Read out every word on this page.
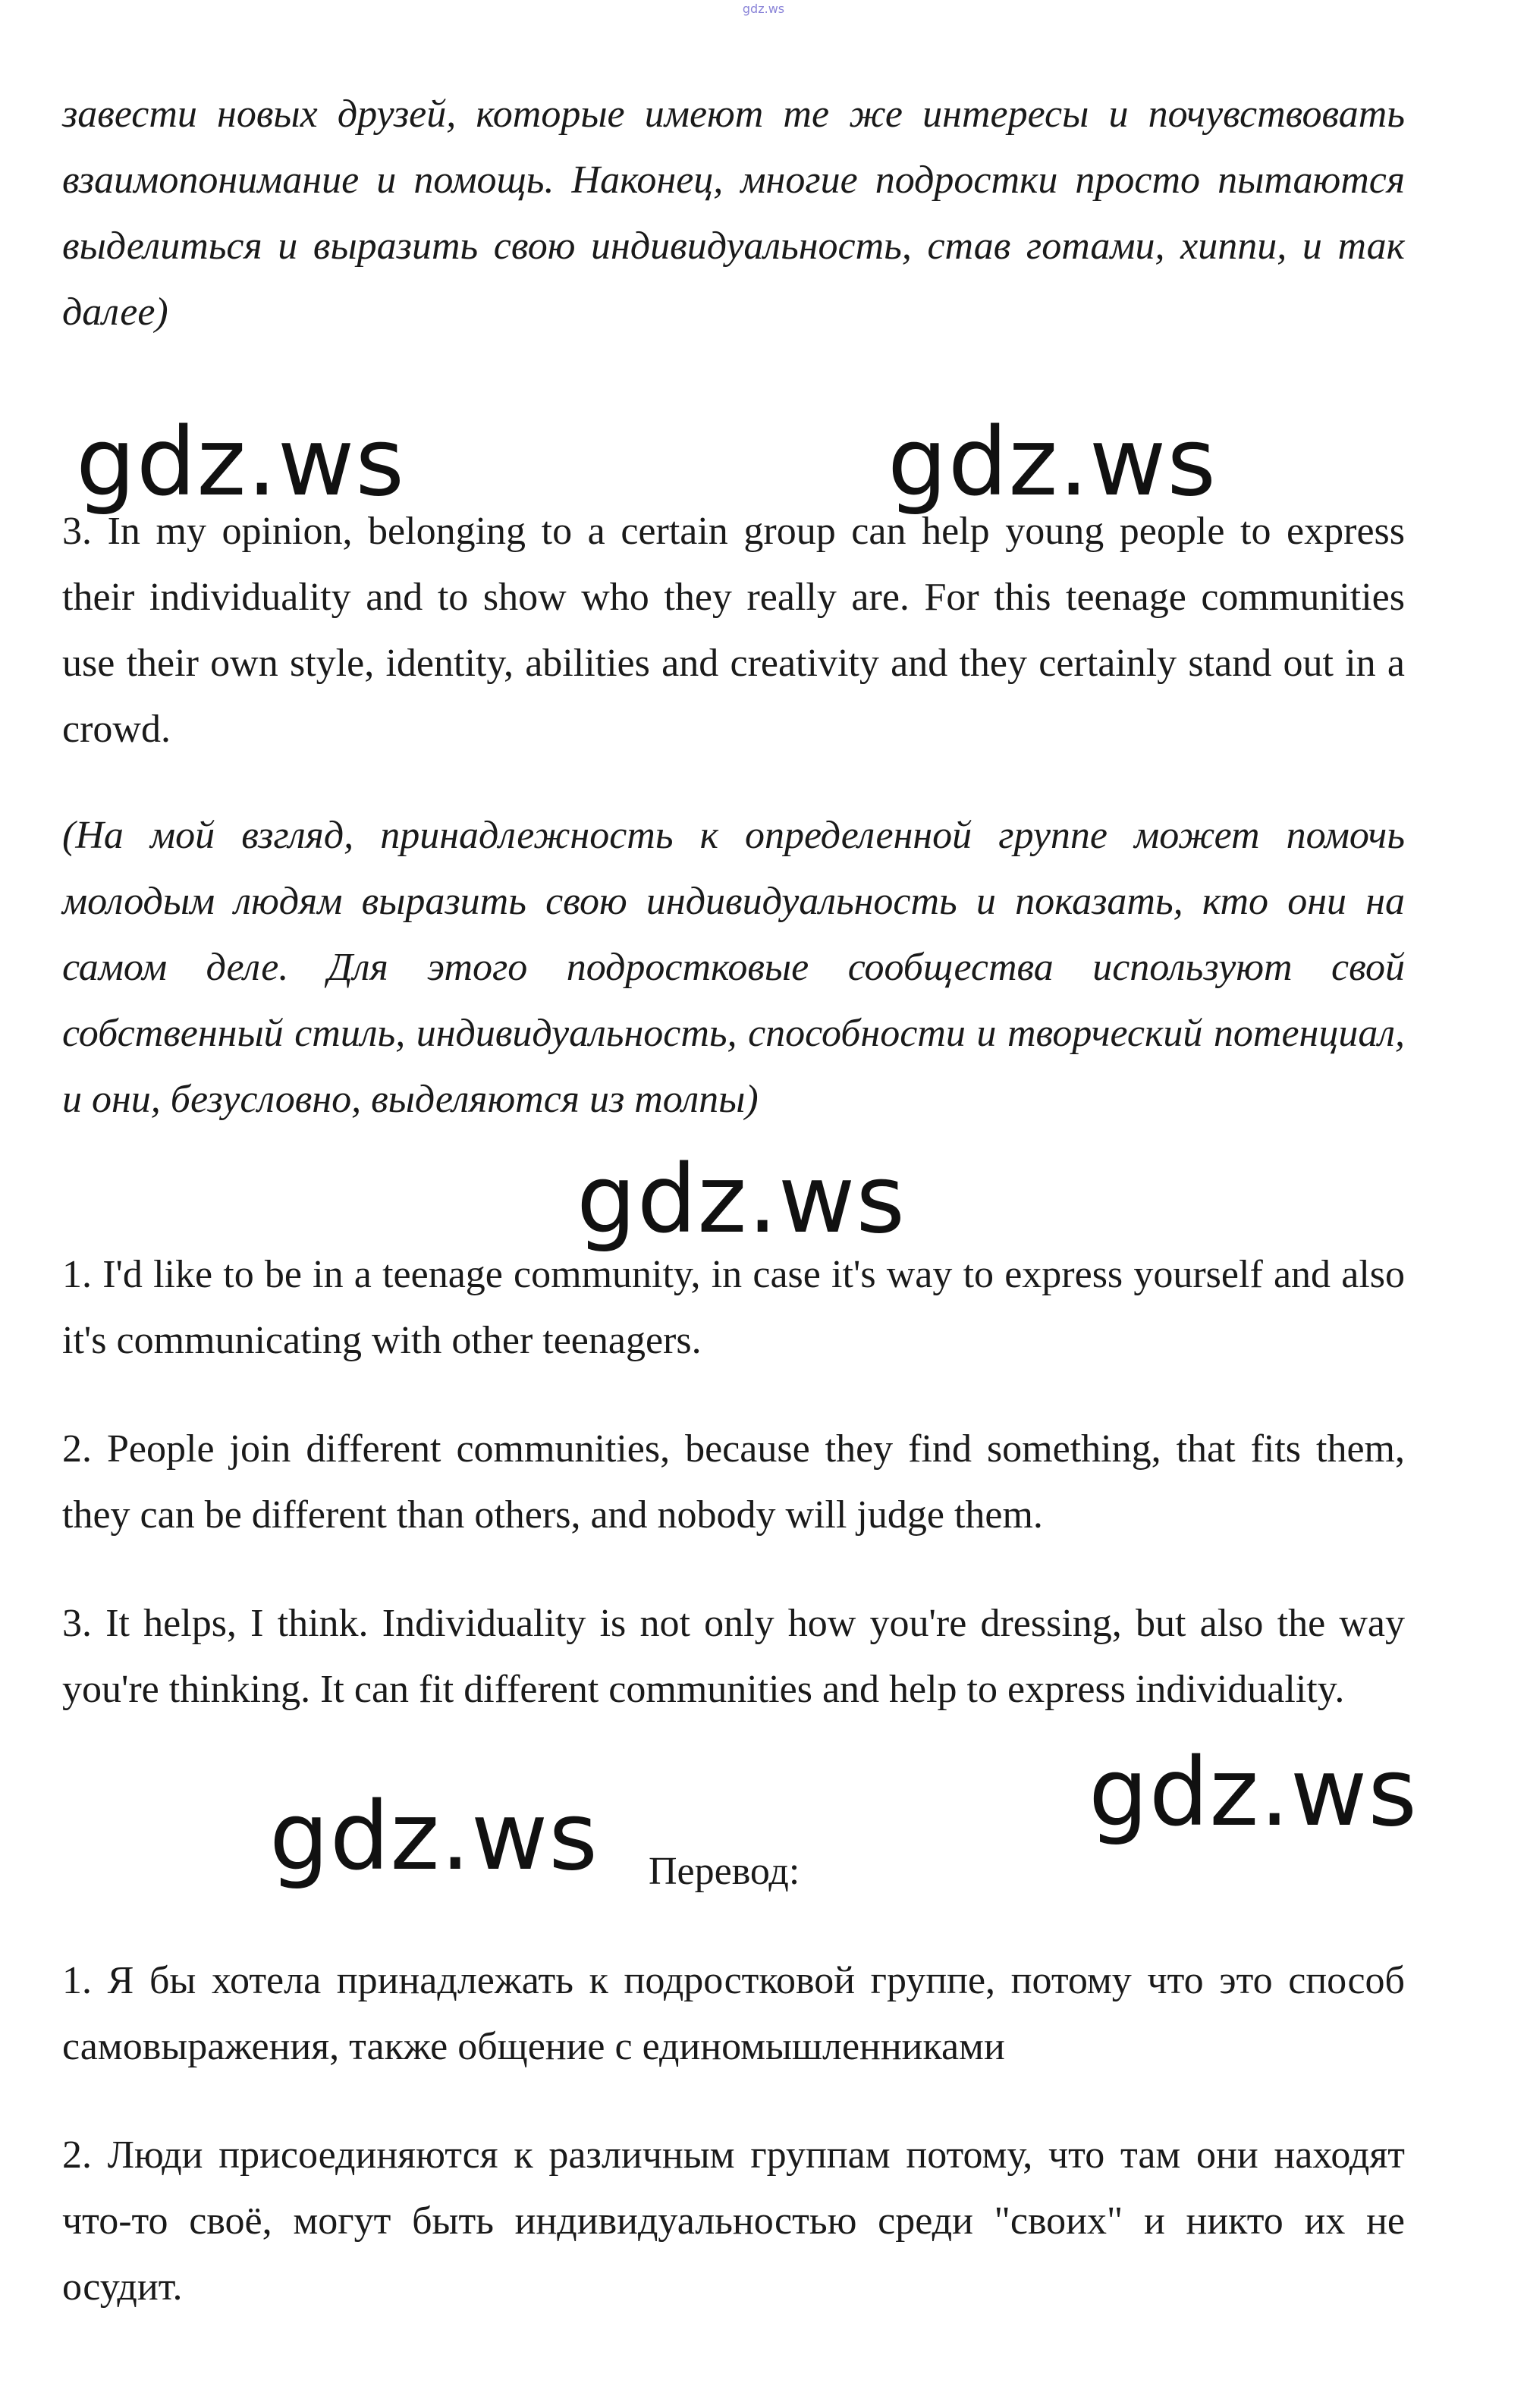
gdz.ws

завести новых друзей, которые имеют те же интересы и почувствовать взаимопонимание и помощь. Наконец, многие подростки просто пытаются выделиться и выразить свою индивидуальность, став готами, хиппи, и так далее)

gdz.ws	gdz.ws

3. In my opinion, belonging to a certain group can help young people to express their individuality and to show who they really are. For this teenage communities use their own style, identity, abilities and creativity and they certainly stand out in a crowd.

(На мой взгляд, принадлежность к определенной группе может помочь молодым людям выразить свою индивидуальность и показать, кто они на самом деле. Для этого подростковые сообщества используют свой собственный стиль, индивидуальность, способности и творческий потенциал, и они, безусловно, выделяются из толпы)

gdz.ws

1. I'd like to be in a teenage community, in case it's way to express yourself and also it's communicating with other teenagers.

2. People join different communities, because they find something, that fits them, they can be different than others, and nobody will judge them.

3. It helps, I think. Individuality is not only how you're dressing, but also the way you're thinking. It can fit different communities and help to express individuality.

gdz.ws
gdz.ws Перевод:

1. Я бы хотела принадлежать к подростковой группе, потому что это способ самовыражения, также общение с единомышленниками

2. Люди присоединяются к различным группам потому, что там они находят что-то своё, могут быть индивидуальностью среди "своих" и никто их не осудит.
